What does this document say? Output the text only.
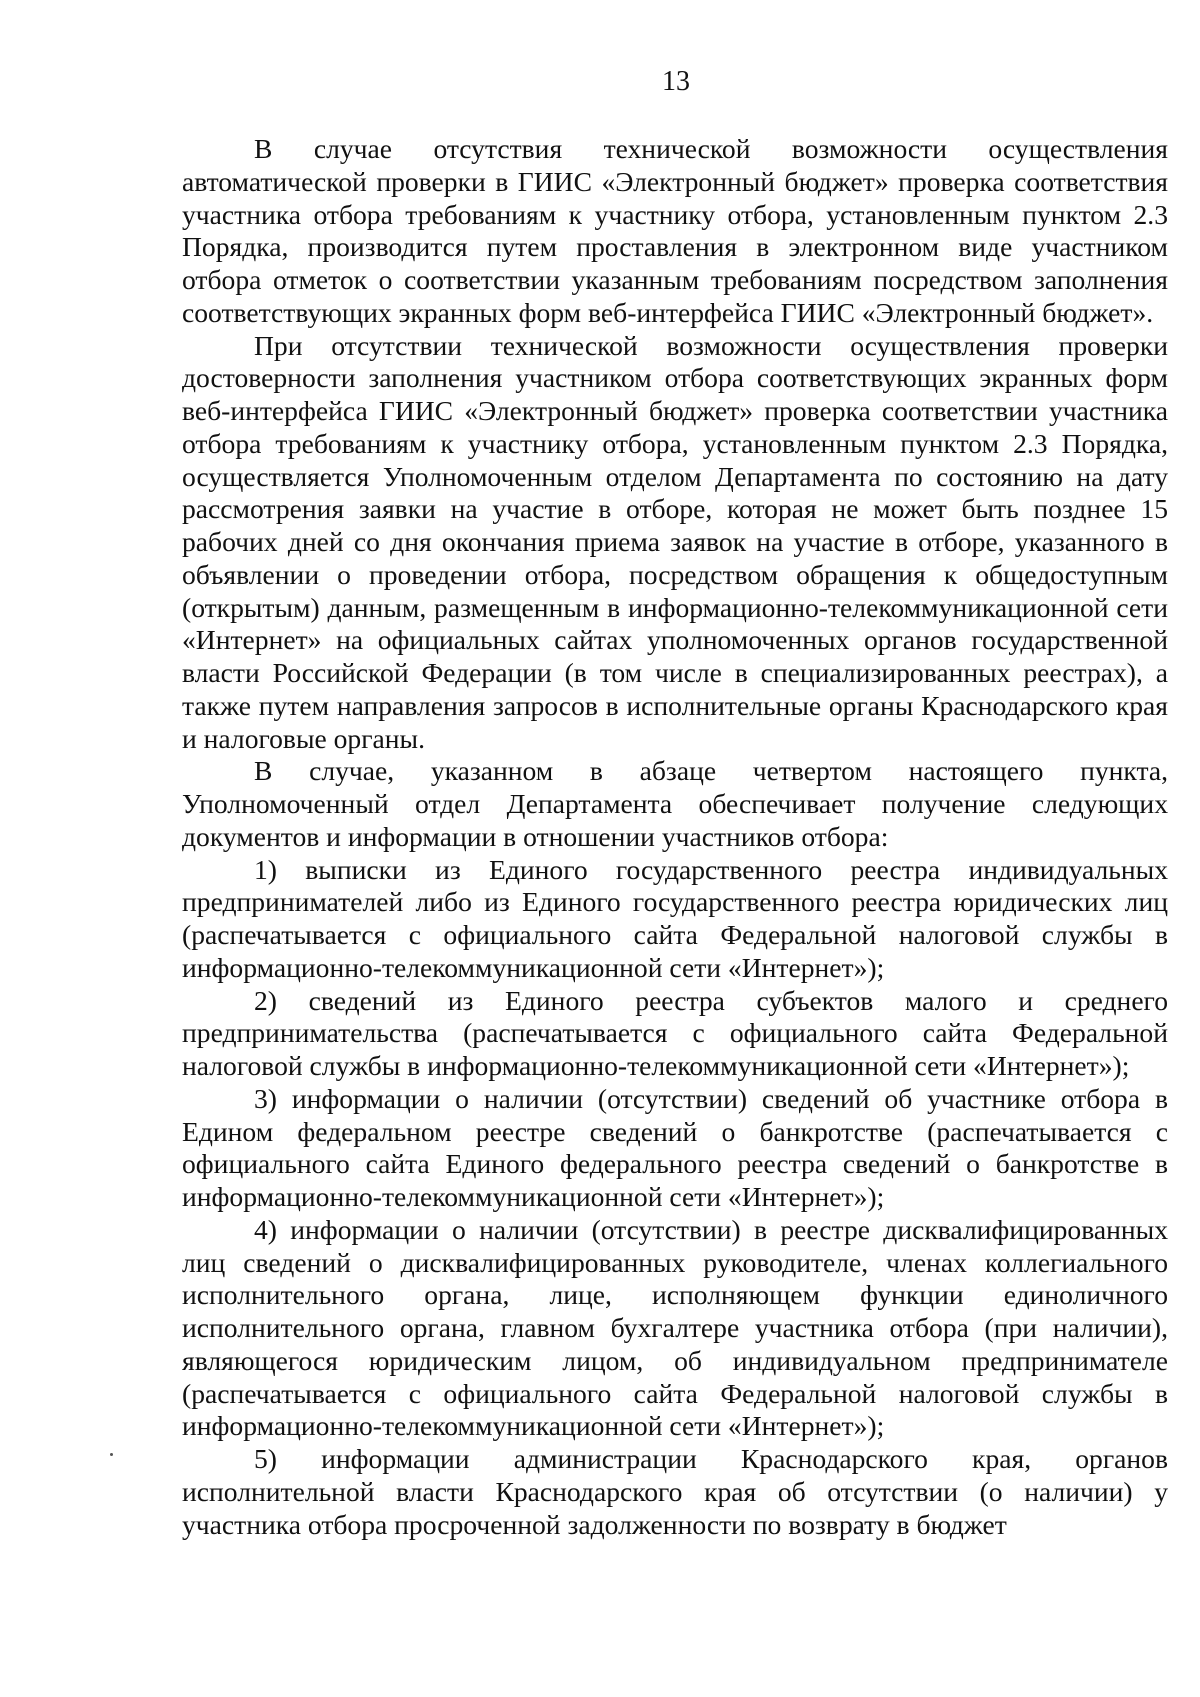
13

В случае отсутствия технической возможности осуществления автоматической проверки в ГИИС «Электронный бюджет» проверка соответствия участника отбора требованиям к участнику отбора, установленным пунктом 2.3 Порядка, производится путем проставления в электронном виде участником отбора отметок о соответствии указанным требованиям посредством заполнения соответствующих экранных форм веб-интерфейса ГИИС «Электронный бюджет».

При отсутствии технической возможности осуществления проверки достоверности заполнения участником отбора соответствующих экранных форм веб-интерфейса ГИИС «Электронный бюджет» проверка соответствии участника отбора требованиям к участнику отбора, установленным пунктом 2.3 Порядка, осуществляется Уполномоченным отделом Департамента по состоянию на дату рассмотрения заявки на участие в отборе, которая не может быть позднее 15 рабочих дней со дня окончания приема заявок на участие в отборе, указанного в объявлении о проведении отбора, посредством обращения к общедоступным (открытым) данным, размещенным в информационно-телекоммуникационной сети «Интернет» на официальных сайтах уполномоченных органов государственной власти Российской Федерации (в том числе в специализированных реестрах), а также путем направления запросов в исполнительные органы Краснодарского края и налоговые органы.

В случае, указанном в абзаце четвертом настоящего пункта, Уполномоченный отдел Департамента обеспечивает получение следующих документов и информации в отношении участников отбора:

1) выписки из Единого государственного реестра индивидуальных предпринимателей либо из Единого государственного реестра юридических лиц (распечатывается с официального сайта Федеральной налоговой службы в информационно-телекоммуникационной сети «Интернет»);

2) сведений из Единого реестра субъектов малого и среднего предпринимательства (распечатывается с официального сайта Федеральной налоговой службы в информационно-телекоммуникационной сети «Интернет»);

3) информации о наличии (отсутствии) сведений об участнике отбора в Едином федеральном реестре сведений о банкротстве (распечатывается с официального сайта Единого федерального реестра сведений о банкротстве в информационно-телекоммуникационной сети «Интернет»);

4) информации о наличии (отсутствии) в реестре дисквалифицированных лиц сведений о дисквалифицированных руководителе, членах коллегиального исполнительного органа, лице, исполняющем функции единоличного исполнительного органа, главном бухгалтере участника отбора (при наличии), являющегося юридическим лицом, об индивидуальном предпринимателе (распечатывается с официального сайта Федеральной налоговой службы в информационно-телекоммуникационной сети «Интернет»);

5) информации администрации Краснодарского края, органов исполнительной власти Краснодарского края об отсутствии (о наличии) у участника отбора просроченной задолженности по возврату в бюджет
